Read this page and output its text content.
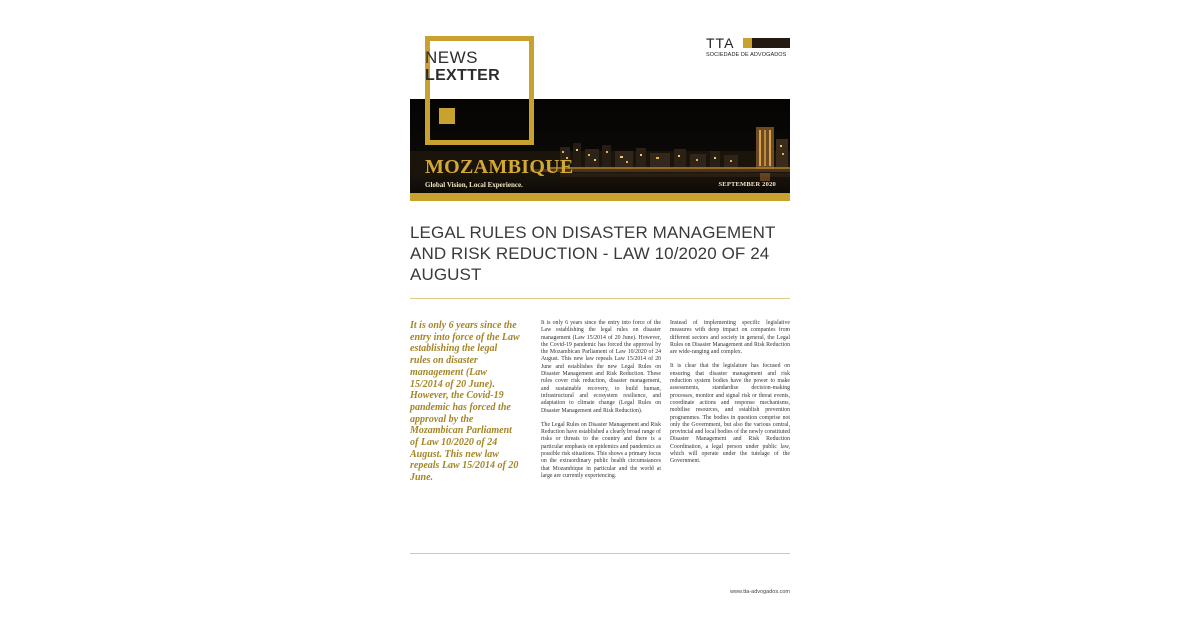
NEWS
LEXTTER
TTA
SOCIEDADE DE ADVOGADOS
MOZAMBIQUE
Global Vision, Local Experience.	SEPTEMBER 2020
LEGAL RULES ON DISASTER MANAGEMENT AND RISK REDUCTION - LAW 10/2020 OF 24 AUGUST
It is only 6 years since the entry into force of the Law establishing the legal rules on disaster management (Law 15/2014 of 20 June). However, the Covid-19 pandemic has forced the approval by the Mozambican Parliament of Law 10/2020 of 24 August. This new law repeals Law 15/2014 of 20 June.

It is only 6 years since the entry into force of the Law establishing the legal rules on disaster management (Law 15/2014 of 20 June). However, the Covid-19 pandemic has forced the approval by the Mozambican Parliament of Law 10/2020 of 24 August. This new law repeals Law 15/2014 of 20 June and establishes the new Legal Rules on Disaster Management and Risk Reduction. These rules cover risk reduction, disaster management, and sustainable recovery, to build human, infrastructural and ecosystem resilience, and adaptation to climate change (Legal Rules on Disaster Management and Risk Reduction).

The Legal Rules on Disaster Management and Risk Reduction have established a clearly broad range of risks or threats to the country and there is a particular emphasis on epidemics and pandemics as possible risk situations. This shows a primary focus on the extraordinary public health circumstances that Mozambique in particular and the world at large are currently experiencing.

Instead of implementing specific legislative measures with deep impact on companies from different sectors and society in general, the Legal Rules on Disaster Management and Risk Reduction are wide-ranging and complex.

It is clear that the legislature has focused on ensuring that disaster management and risk reduction system bodies have the power to make assessments, standardise decision-making processes, monitor and signal risk or threat events, coordinate actions and response mechanisms, mobilise resources, and establish prevention programmes. The bodies in question comprise not only the Government, but also the various central, provincial and local bodies of the newly constituted Disaster Management and Risk Reduction Coordination, a legal person under public law, which will operate under the tutelage of the Government.

www.tta-advogados.com
